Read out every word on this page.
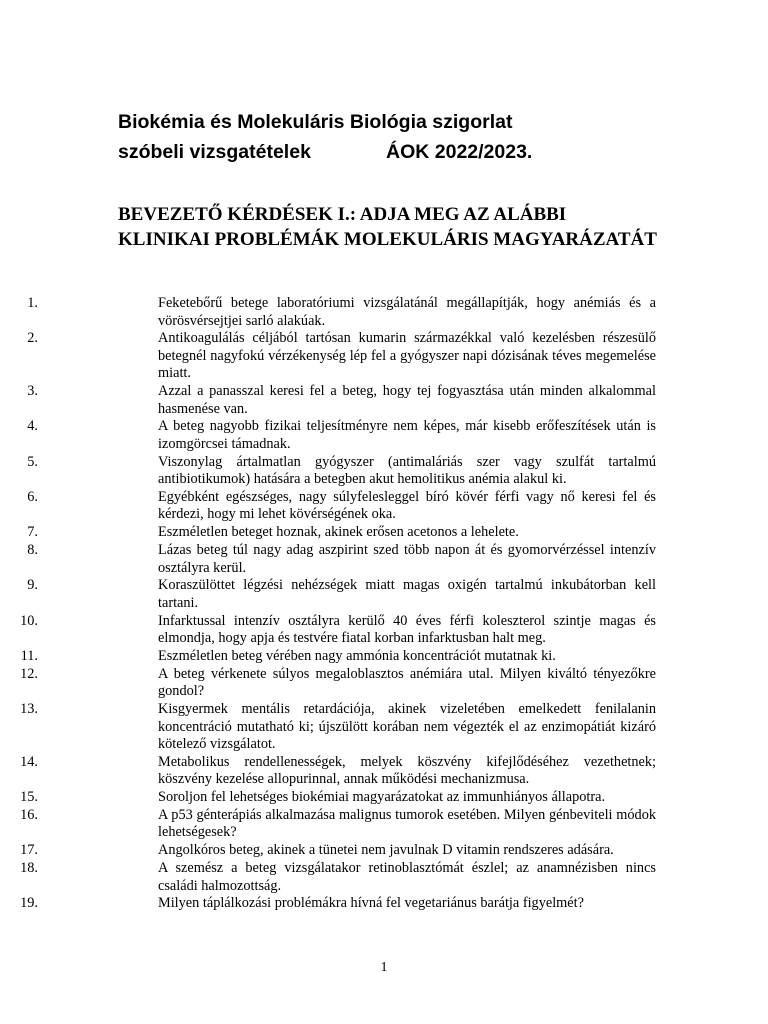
Biokémia és Molekuláris Biológia szigorlat
szóbeli vizsgatételek	ÁOK 2022/2023.
BEVEZETŐ KÉRDÉSEK I.: ADJA MEG AZ ALÁBBI KLINIKAI PROBLÉMÁK MOLEKULÁRIS MAGYARÁZATÁT
1.	Feketebőrű betege laboratóriumi vizsgálatánál megállapítják, hogy anémiás és a vörösvérsejtjei sarló alakúak.
2.	Antikoagulálás céljából tartósan kumarin származékkal való kezelésben részesülő betegnél nagyfokú vérzékenység lép fel a gyógyszer napi dózisának téves megemelése miatt.
3.	Azzal a panasszal keresi fel a beteg, hogy tej fogyasztása után minden alkalommal hasmenése van.
4.	A beteg nagyobb fizikai teljesítményre nem képes, már kisebb erőfeszítések után is izomgörcsei támadnak.
5.	Viszonylag ártalmatlan gyógyszer (antimaláriás szer vagy szulfát tartalmú antibiotikumok) hatására a betegben akut hemolitikus anémia alakul ki.
6.	Egyébként egészséges, nagy súlyfelesleggel bíró kövér férfi vagy nő keresi fel és kérdezi, hogy mi lehet kövérségének oka.
7.	Eszméletlen beteget hoznak, akinek erősen acetonos a lehelete.
8.	Lázas beteg túl nagy adag aszpirint szed több napon át és gyomorvérzéssel intenzív osztályra kerül.
9.	Koraszülöttet légzési nehézségek miatt magas oxigén tartalmú inkubátorban kell tartani.
10.	Infarktussal intenzív osztályra kerülő 40 éves férfi koleszterol szintje magas és elmondja, hogy apja és testvére fiatal korban infarktusban halt meg.
11.	Eszméletlen beteg vérében nagy ammónia koncentrációt mutatnak ki.
12.	A beteg vérkenete súlyos megaloblasztos anémiára utal. Milyen kiváltó tényezőkre gondol?
13.	Kisgyermek mentális retardációja, akinek vizeletében emelkedett fenilalanin koncentráció mutatható ki; újszülött korában nem végezték el az enzimopátiát kizáró kötelező vizsgálatot.
14.	Metabolikus rendellenességek, melyek köszvény kifejlődéséhez vezethetnek; köszvény kezelése allopurinnal, annak működési mechanizmusa.
15.	Soroljon fel lehetséges biokémiai magyarázatokat az immunhiányos állapotra.
16.	A p53 génterápiás alkalmazása malignus tumorok esetében. Milyen génbeviteli módok lehetségesek?
17.	Angolkóros beteg, akinek a tünetei nem javulnak D vitamin rendszeres adására.
18.	A szemész a beteg vizsgálatakor retinoblasztómát észlel; az anamnézisben nincs családi halmozottság.
19.	Milyen táplálkozási problémákra hívná fel vegetariánus barátja figyelmét?
1
